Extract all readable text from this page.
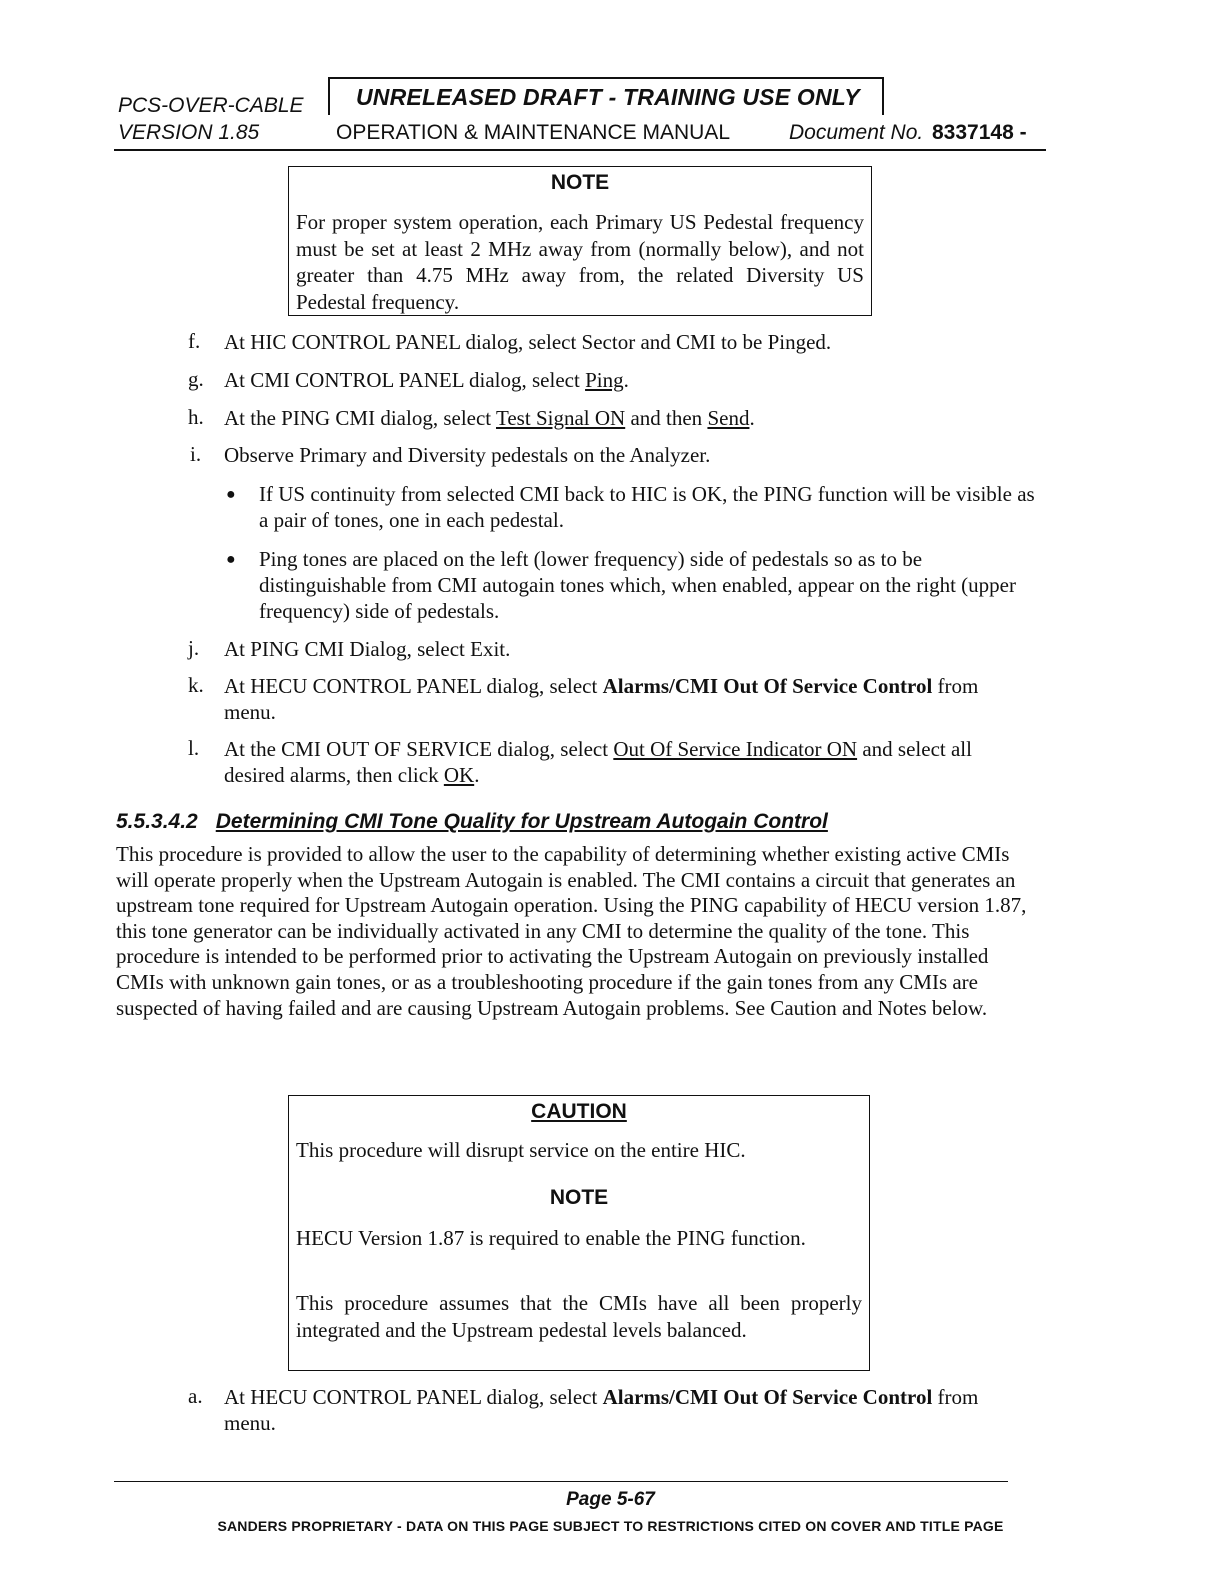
PCS-OVER-CABLE
VERSION 1.85
UNRELEASED DRAFT - TRAINING USE ONLY
OPERATION & MAINTENANCE MANUAL	Document No. 8337148 -
NOTE
For proper system operation, each Primary US Pedestal frequency must be set at least 2 MHz away from (normally below), and not greater than 4.75 MHz away from, the related Diversity US Pedestal frequency.
f. At HIC CONTROL PANEL dialog, select Sector and CMI to be Pinged.
g. At CMI CONTROL PANEL dialog, select Ping.
h. At the PING CMI dialog, select Test Signal ON and then Send.
i. Observe Primary and Diversity pedestals on the Analyzer.
● If US continuity from selected CMI back to HIC is OK, the PING function will be visible as a pair of tones, one in each pedestal.
● Ping tones are placed on the left (lower frequency) side of pedestals so as to be distinguishable from CMI autogain tones which, when enabled, appear on the right (upper frequency) side of pedestals.
j. At PING CMI Dialog, select Exit.
k. At HECU CONTROL PANEL dialog, select Alarms/CMI Out Of Service Control from menu.
l. At the CMI OUT OF SERVICE dialog, select Out Of Service Indicator ON and select all desired alarms, then click OK.
5.5.3.4.2 Determining CMI Tone Quality for Upstream Autogain Control
This procedure is provided to allow the user to the capability of determining whether existing active CMIs will operate properly when the Upstream Autogain is enabled. The CMI contains a circuit that generates an upstream tone required for Upstream Autogain operation. Using the PING capability of HECU version 1.87, this tone generator can be individually activated in any CMI to determine the quality of the tone. This procedure is intended to be performed prior to activating the Upstream Autogain on previously installed CMIs with unknown gain tones, or as a troubleshooting procedure if the gain tones from any CMIs are suspected of having failed and are causing Upstream Autogain problems. See Caution and Notes below.
CAUTION
This procedure will disrupt service on the entire HIC.
NOTE
HECU Version 1.87 is required to enable the PING function.
This procedure assumes that the CMIs have all been properly integrated and the Upstream pedestal levels balanced.
a. At HECU CONTROL PANEL dialog, select Alarms/CMI Out Of Service Control from menu.
Page 5-67
SANDERS PROPRIETARY - DATA ON THIS PAGE SUBJECT TO RESTRICTIONS CITED ON COVER AND TITLE PAGE
